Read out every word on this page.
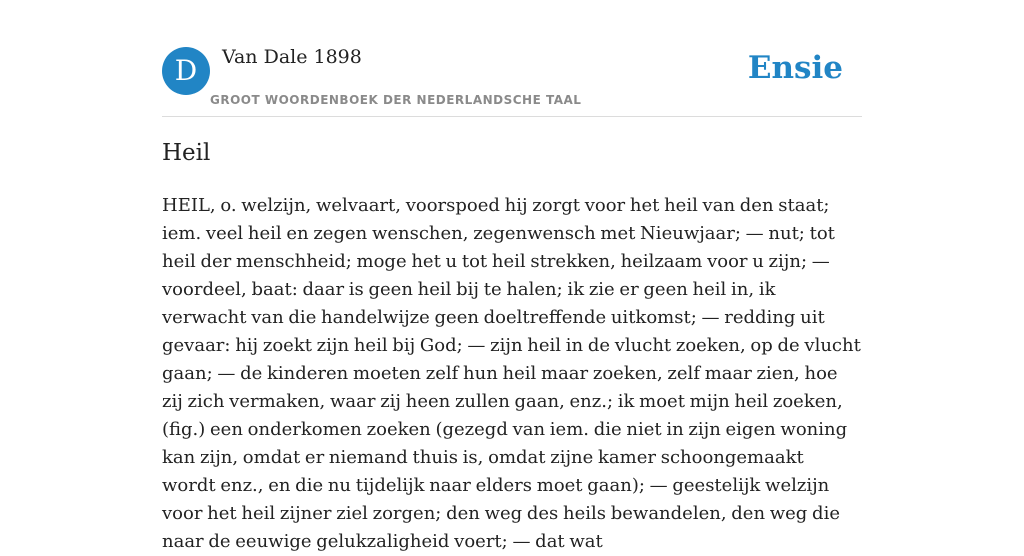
D	Van Dale 1898
GROOT WOORDENBOEK DER NEDERLANDSCHE TAAL
Ensie
Heil

HEIL, o. welzijn, welvaart, voorspoed hij zorgt voor het heil van den staat; iem. veel heil en zegen wenschen, zegenwensch met Nieuwjaar; — nut; tot heil der menschheid; moge het u tot heil strekken, heilzaam voor u zijn; — voordeel, baat: daar is geen heil bij te halen; ik zie er geen heil in, ik verwacht van die handelwijze geen doeltreffende uitkomst; — redding uit gevaar: hij zoekt zijn heil bij God; — zijn heil in de vlucht zoeken, op de vlucht gaan; — de kinderen moeten zelf hun heil maar zoeken, zelf maar zien, hoe zij zich vermaken, waar zij heen zullen gaan, enz.; ik moet mijn heil zoeken, (fig.) een onderkomen zoeken (gezegd van iem. die niet in zijn eigen woning kan zijn, omdat er niemand thuis is, omdat zijne kamer schoongemaakt wordt enz., en die nu tijdelijk naar elders moet gaan); — geestelijk welzijn voor het heil zijner ziel zorgen; den weg des heils bewandelen, den weg die naar de eeuwige gelukzaligheid voert; — dat wat
